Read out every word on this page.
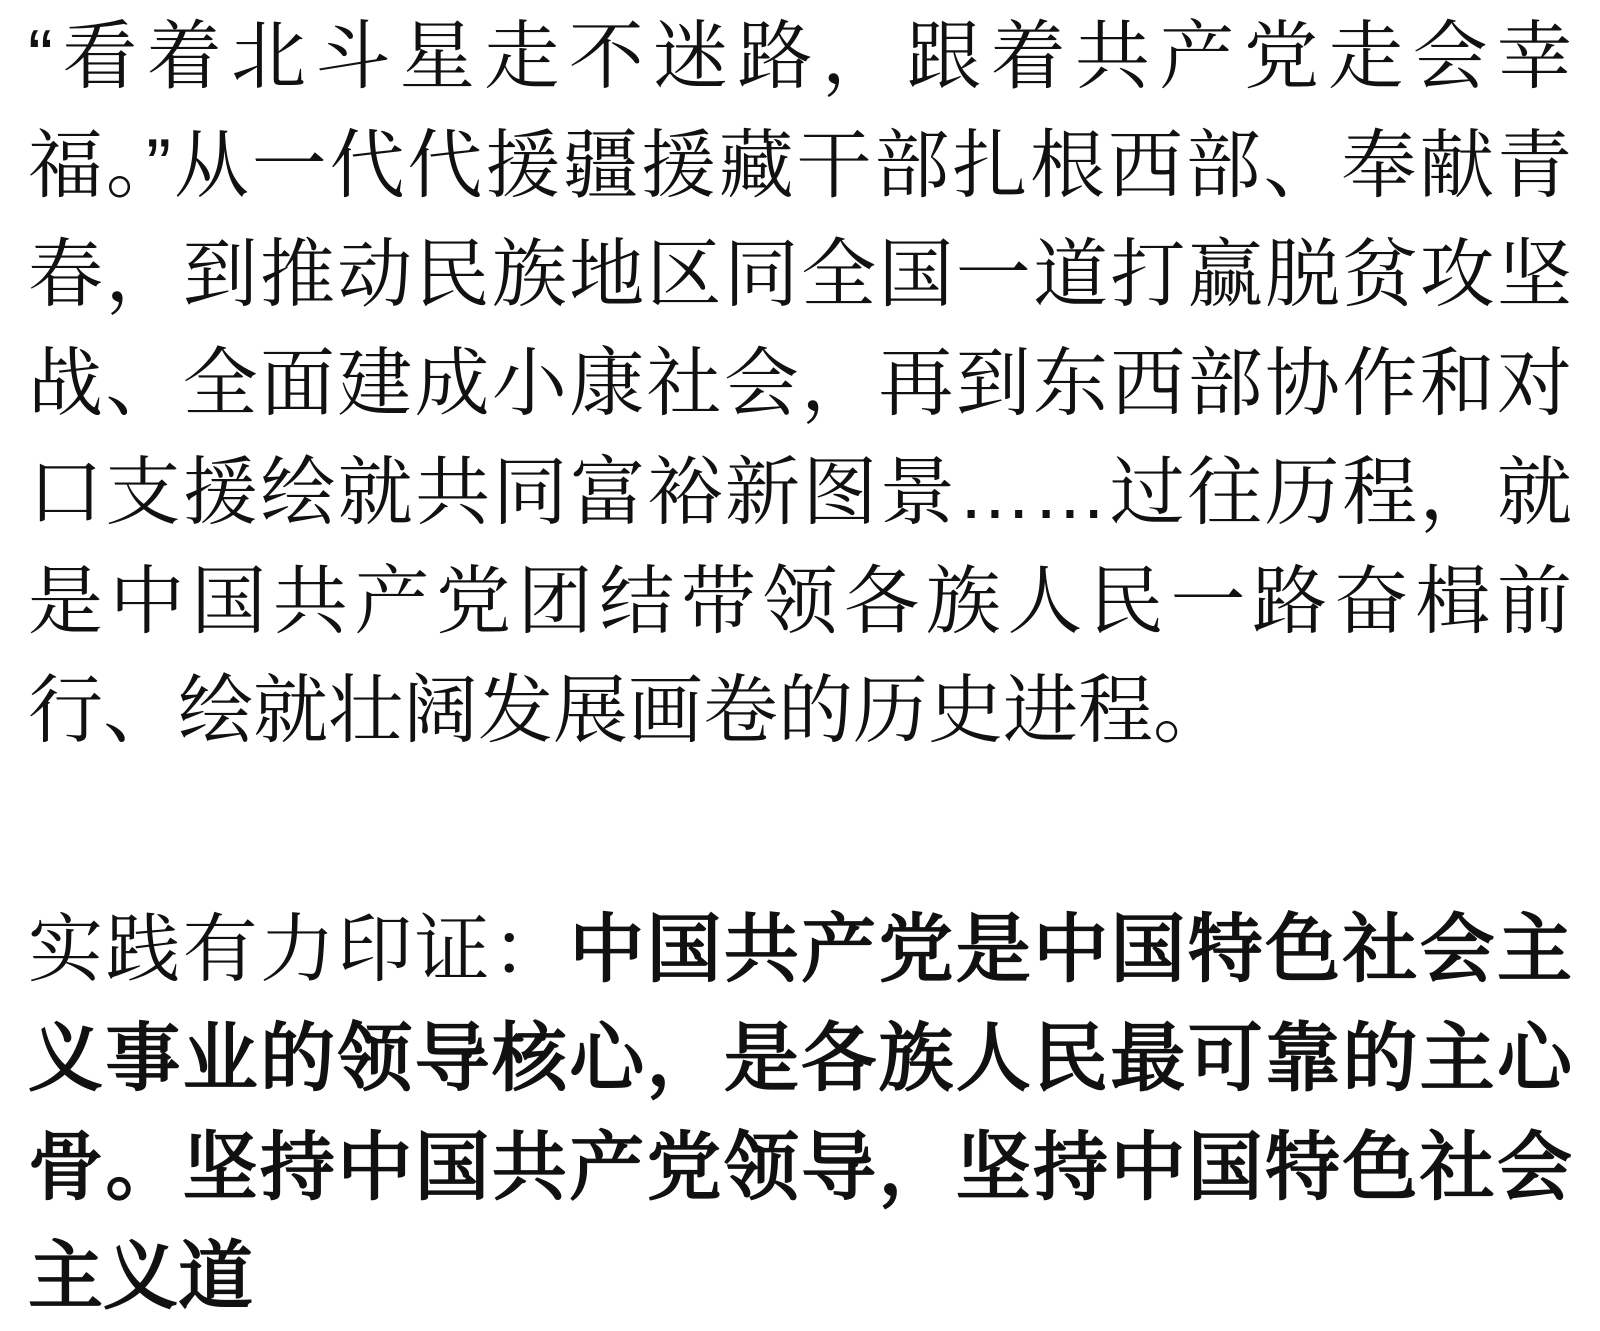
“看着北斗星走不迷路，跟着共产党走会幸福。”从一代代援疆援藏干部扎根西部、奉献青春，到推动民族地区同全国一道打赢脱贫攻坚战、全面建成小康社会，再到东西部协作和对口支援绘就共同富裕新图景……过往历程，就是中国共产党团结带领各族人民一路奋楫前行、绘就壮阔发展画卷的历史进程。

实践有力印证：中国共产党是中国特色社会主义事业的领导核心，是各族人民最可靠的主心骨。坚持中国共产党领导，坚持中国特色社会主义道
